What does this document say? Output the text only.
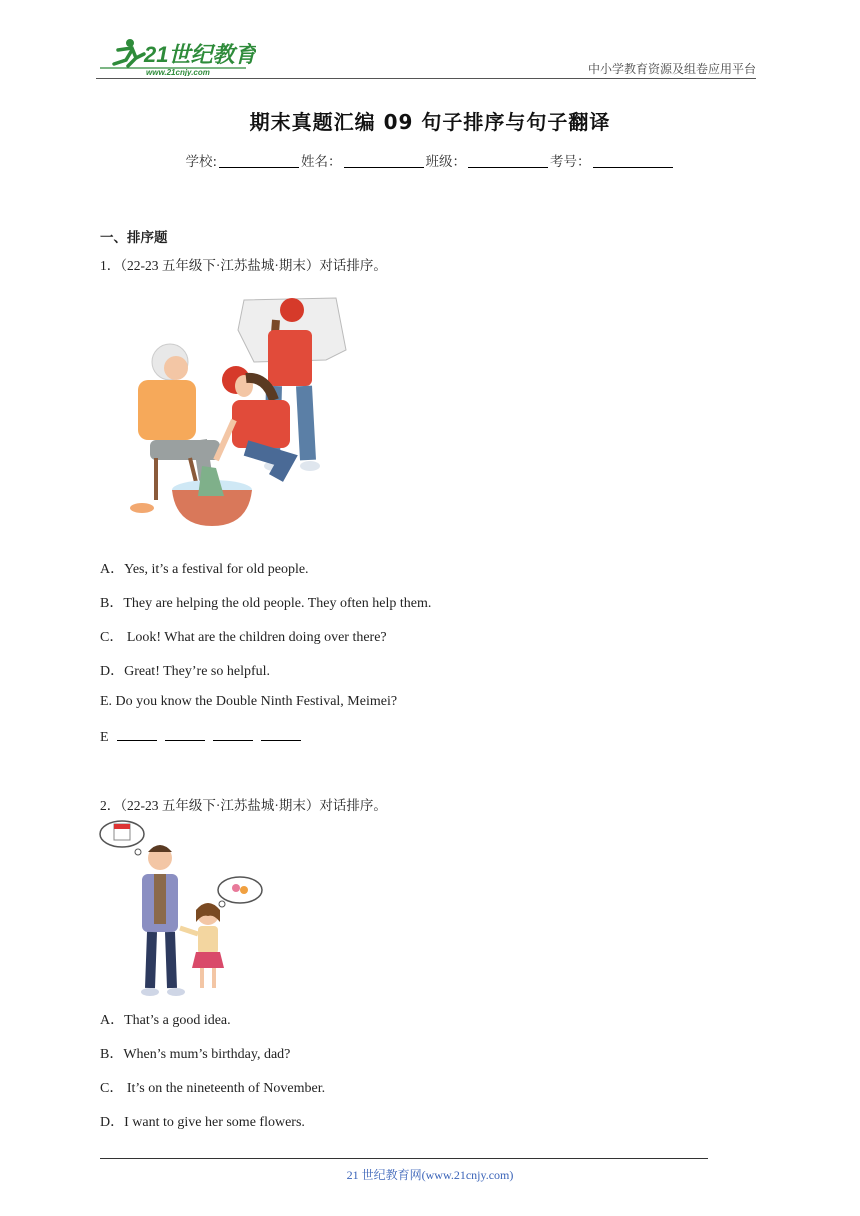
21世纪教育
www.21cnjy.com	中小学教育资源及组卷应用平台
期末真题汇编 09 句子排序与句子翻译
学校:	姓名：	班级：	考号：
一、排序题
1．（22-23 五年级下·江苏盐城·期末）对话排序。
A．Yes, it’s a festival for old people.
B．They are helping the old people. They often help them.
C． Look! What are the children doing over there?
D．Great! They’re so helpful.
E. Do you know the Double Ninth Festival, Meimei?
E
2．（22-23 五年级下·江苏盐城·期末）对话排序。
A．That’s a good idea.
B．When’s mum’s birthday, dad?
C． It’s on the nineteenth of November.
D．I want to give her some flowers.
21 世纪教育网(www.21cnjy.com)
